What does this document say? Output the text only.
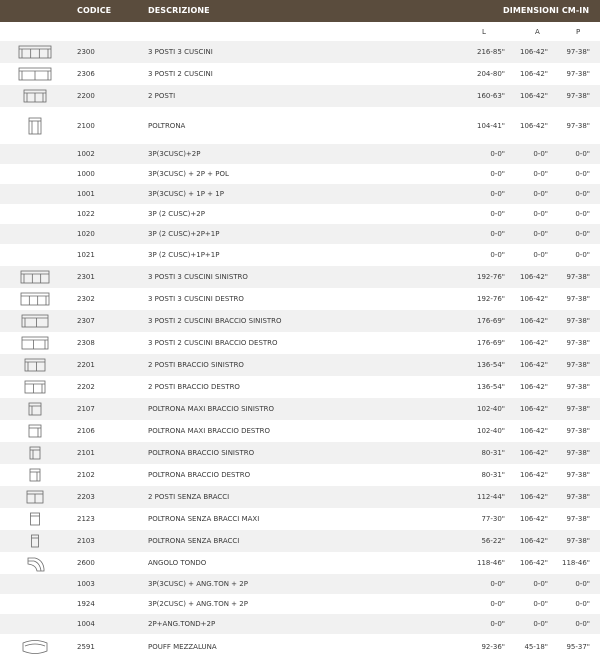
CODICE	DESCRIZIONE	DIMENSIONI CM-IN
L	A	P
2300	3 POSTI 3 CUSCINI	216-85" 106-42"	97-38"
2306	3 POSTI 2 CUSCINI	204-80" 106-42"	97-38"
2200	2 POSTI	160-63" 106-42"	97-38"
2100	POLTRONA	104-41" 106-42"	97-38"
1002	3P(3CUSC)+2P	0-0"	0-0"	0-0"
1000	3P(3CUSC) + 2P + POL	0-0"	0-0"	0-0"
1001	3P(3CUSC) + 1P + 1P	0-0"	0-0"	0-0"
1022	3P (2 CUSC)+2P	0-0"	0-0"	0-0"
1020	3P (2 CUSC)+2P+1P	0-0"	0-0"	0-0"
1021	3P (2 CUSC)+1P+1P	0-0"	0-0"	0-0"
2301	3 POSTI 3 CUSCINI SINISTRO	192-76" 106-42"	97-38"
2302	3 POSTI 3 CUSCINI DESTRO	192-76" 106-42"	97-38"
2307	3 POSTI 2 CUSCINI BRACCIO SINISTRO	176-69" 106-42"	97-38"
2308	3 POSTI 2 CUSCINI BRACCIO DESTRO	176-69" 106-42"	97-38"
2201	2 POSTI BRACCIO SINISTRO	136-54" 106-42"	97-38"
2202	2 POSTI BRACCIO DESTRO	136-54" 106-42"	97-38"
2107	POLTRONA MAXI BRACCIO SINISTRO	102-40" 106-42"	97-38"
2106	POLTRONA MAXI BRACCIO DESTRO	102-40" 106-42"	97-38"
2101	POLTRONA BRACCIO SINISTRO	80-31" 106-42"	97-38"
2102	POLTRONA BRACCIO DESTRO	80-31" 106-42"	97-38"
2203	2 POSTI SENZA BRACCI	112-44" 106-42"	97-38"
2123	POLTRONA SENZA BRACCI MAXI	77-30" 106-42"	97-38"
2103	POLTRONA SENZA BRACCI	56-22" 106-42"	97-38"
2600	ANGOLO TONDO	118-46" 106-42" 118-46"
1003	3P(3CUSC) + ANG.TON + 2P	0-0"	0-0"	0-0"
1924	3P(2CUSC) + ANG.TON + 2P	0-0"	0-0"	0-0"
1004	2P+ANG.TOND+2P	0-0"	0-0"	0-0"
2591	POUFF MEZZALUNA	92-36"	45-18"	95-37"
